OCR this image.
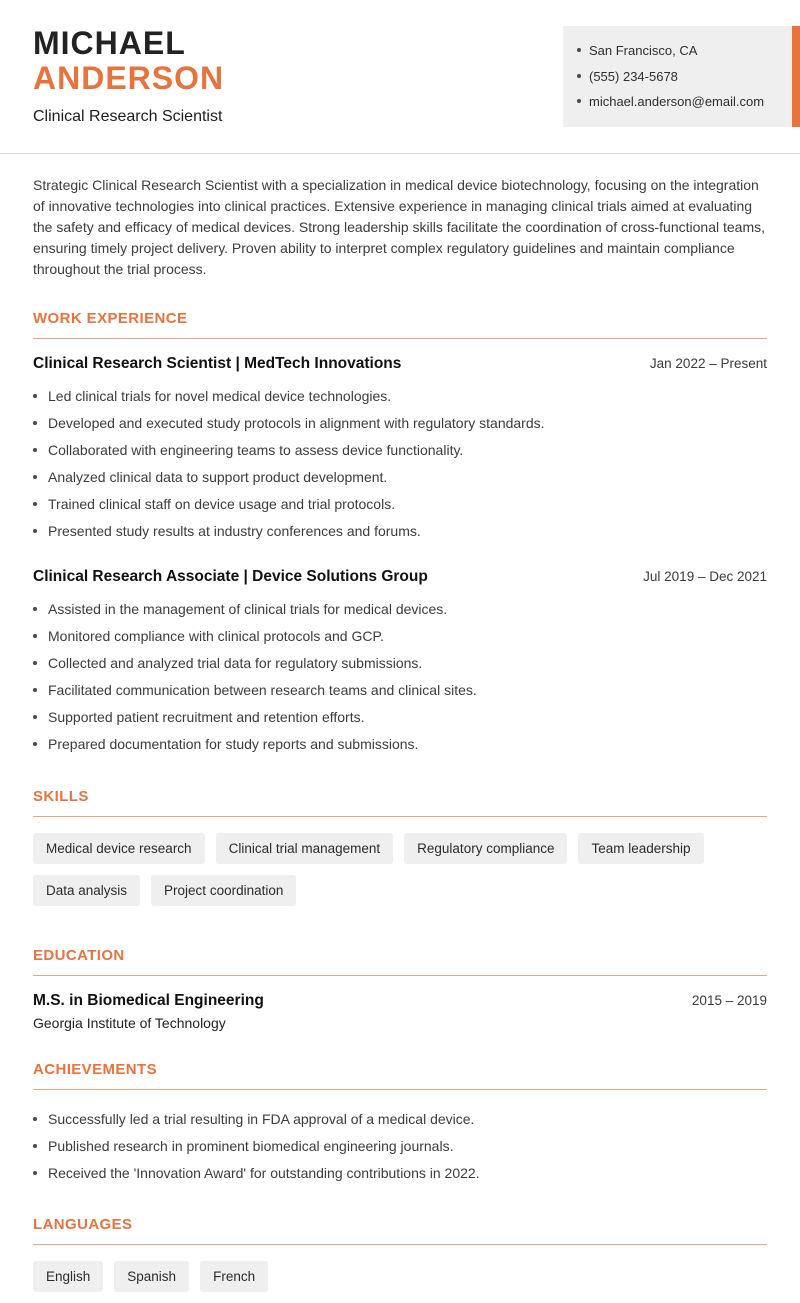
MICHAEL
ANDERSON
Clinical Research Scientist
San Francisco, CA
(555) 234-5678
michael.anderson@email.com

Strategic Clinical Research Scientist with a specialization in medical device biotechnology, focusing on the integration of innovative technologies into clinical practices. Extensive experience in managing clinical trials aimed at evaluating the safety and efficacy of medical devices. Strong leadership skills facilitate the coordination of cross-functional teams, ensuring timely project delivery. Proven ability to interpret complex regulatory guidelines and maintain compliance throughout the trial process.

WORK EXPERIENCE
Clinical Research Scientist | MedTech Innovations	Jan 2022 – Present
Led clinical trials for novel medical device technologies.
Developed and executed study protocols in alignment with regulatory standards.
Collaborated with engineering teams to assess device functionality.
Analyzed clinical data to support product development.
Trained clinical staff on device usage and trial protocols.
Presented study results at industry conferences and forums.
Clinical Research Associate | Device Solutions Group	Jul 2019 – Dec 2021
Assisted in the management of clinical trials for medical devices.
Monitored compliance with clinical protocols and GCP.
Collected and analyzed trial data for regulatory submissions.
Facilitated communication between research teams and clinical sites.
Supported patient recruitment and retention efforts.
Prepared documentation for study reports and submissions.
SKILLS
Medical device research	Clinical trial management	Regulatory compliance	Team leadership
Data analysis	Project coordination
EDUCATION
M.S. in Biomedical Engineering	2015 – 2019
Georgia Institute of Technology
ACHIEVEMENTS
Successfully led a trial resulting in FDA approval of a medical device.
Published research in prominent biomedical engineering journals.
Received the 'Innovation Award' for outstanding contributions in 2022.
LANGUAGES
English	Spanish	French
